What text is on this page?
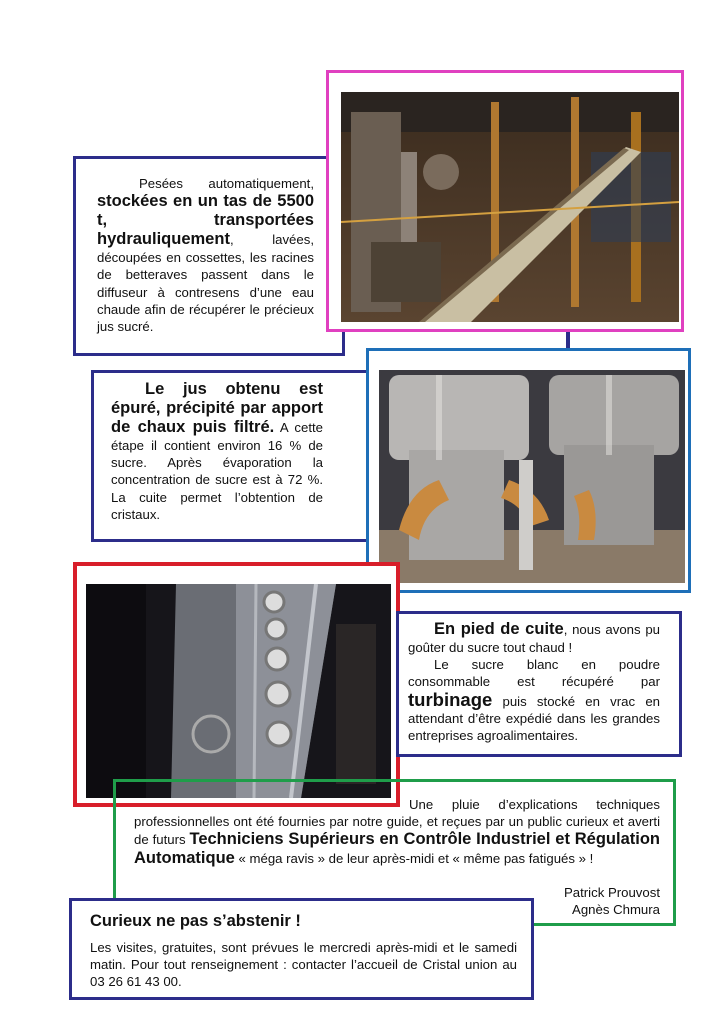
Pesées automatiquement, stockées en un tas de 5500 t, transportées hydrauliquement, lavées, découpées en cossettes, les racines de betteraves passent dans le diffuseur à contresens d’une eau chaude afin de récupérer le précieux jus sucré.
Le jus obtenu est épuré, précipité par apport de chaux puis filtré. A cette étape il contient environ 16 % de sucre. Après évaporation la concentration de sucre est à 72 %. La cuite permet l’obtention de cristaux.

En pied de cuite, nous avons pu goûter du sucre tout chaud !

Le sucre blanc en poudre consommable est récupéré par turbinage puis stocké en vrac en attendant d’être expédié dans les grandes entreprises agroalimentaires.

Une pluie d’explications techniques professionnelles ont été fournies par notre guide, et reçues par un public curieux et averti de futurs Techniciens Supérieurs en Contrôle Industriel et Régulation Automatique « méga ravis » de leur après-midi et « même pas fatigués » !
Patrick Prouvost
Agnès Chmura
Curieux ne pas s’abstenir !

Les visites, gratuites, sont prévues le mercredi après-midi et le samedi matin. Pour tout renseignement : contacter l’accueil de Cristal union au 03 26 61 43 00.
